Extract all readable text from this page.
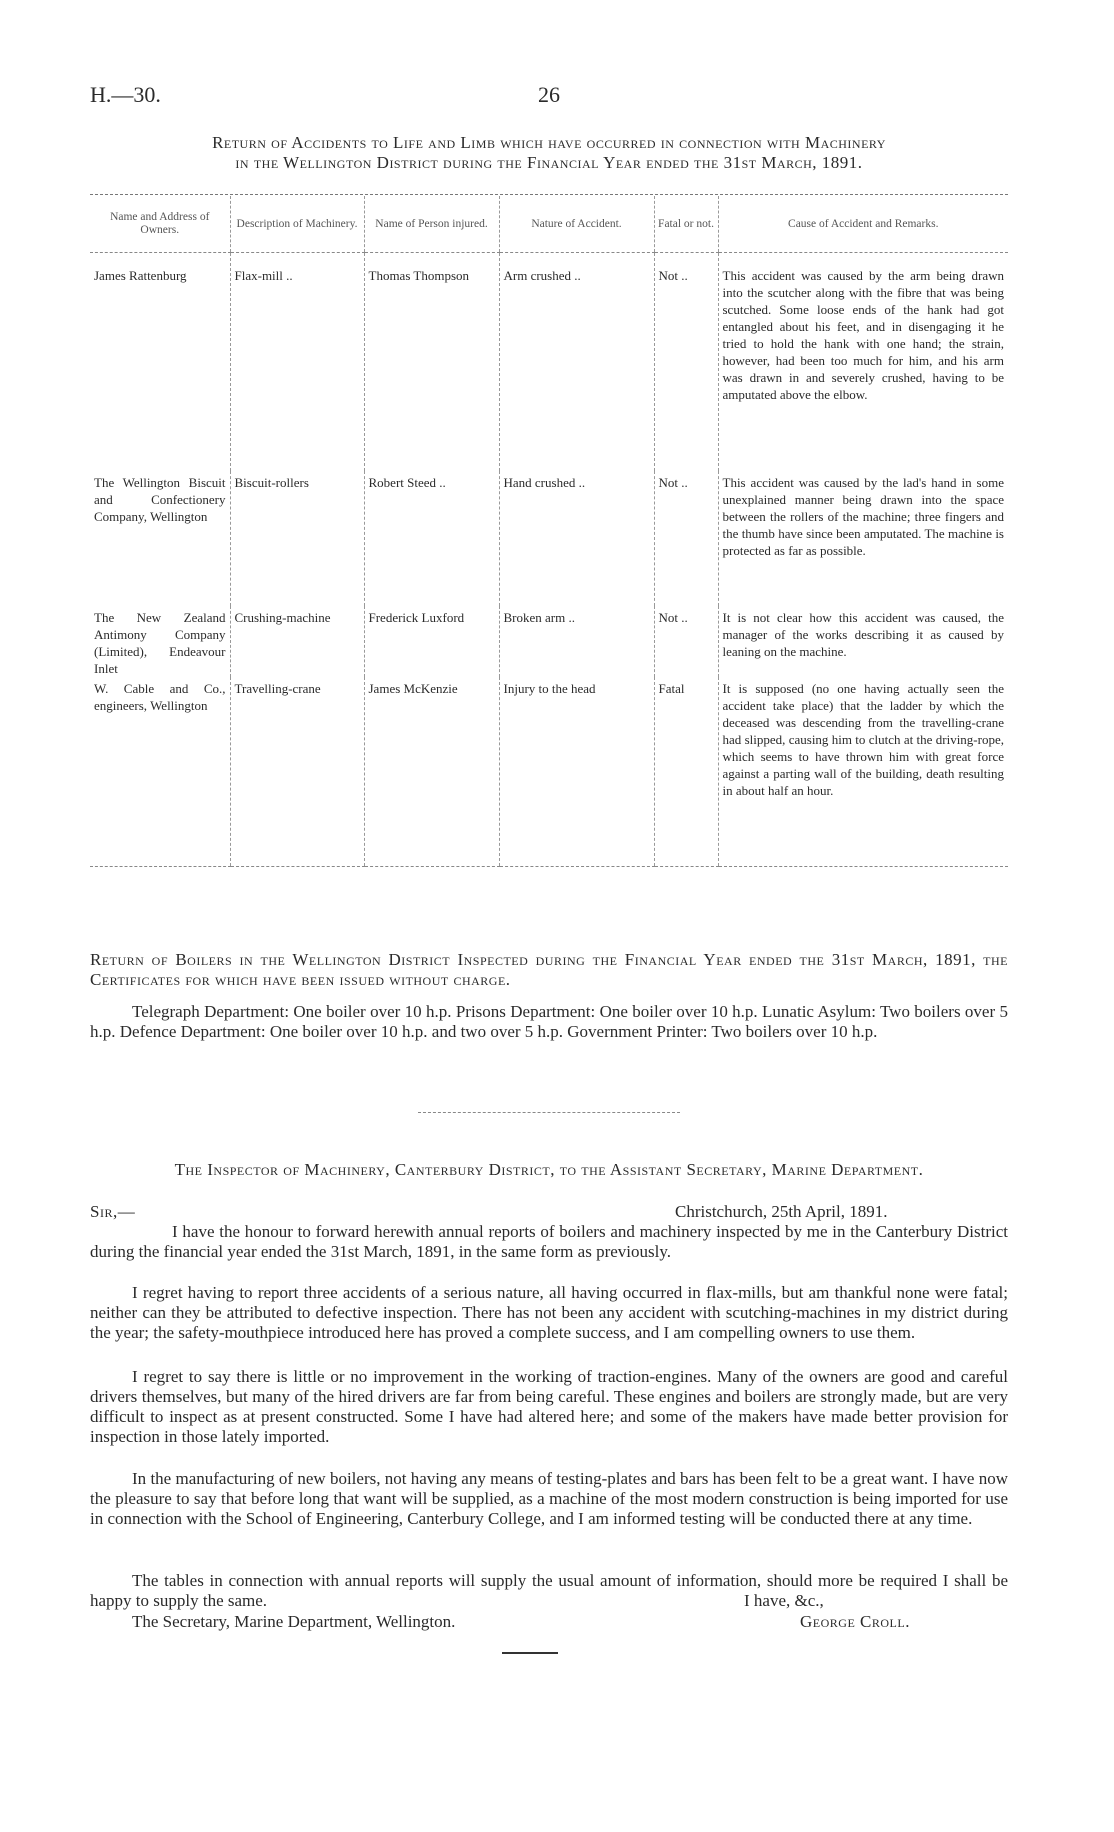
H.—30.	26
Return of Accidents to Life and Limb which have occurred in connection with Machinery
in the Wellington District during the Financial Year ended the 31st March, 1891.
Name and Address of Owners.	Description of Machinery.	Name of Person injured.	Nature of Accident.	Fatal or not.	Cause of Accident and Remarks.
James Rattenburg	Flax-mill ..	Thomas Thompson	Arm crushed ..	Not ..	This accident was caused by the arm being drawn into the scutcher along with the fibre that was being scutched. Some loose ends of the hank had got entangled about his feet, and in disengaging it he tried to hold the hank with one hand; the strain, however, had been too much for him, and his arm was drawn in and severely crushed, having to be amputated above the elbow.
The Wellington Biscuit and Confectionery Company, Wellington	Biscuit-rollers	Robert Steed ..	Hand crushed ..	Not ..	This accident was caused by the lad's hand in some unexplained manner being drawn into the space between the rollers of the machine; three fingers and the thumb have since been amputated. The machine is protected as far as possible.
The New Zealand Antimony Company (Limited), Endeavour Inlet	Crushing-machine	Frederick Luxford	Broken arm ..	Not ..	It is not clear how this accident was caused, the manager of the works describing it as caused by leaning on the machine.
W. Cable and Co., engineers, Wellington	Travelling-crane	James McKenzie	Injury to the head	Fatal	It is supposed (no one having actually seen the accident take place) that the ladder by which the deceased was descending from the travelling-crane had slipped, causing him to clutch at the driving-rope, which seems to have thrown him with great force against a parting wall of the building, death resulting in about half an hour.
Return of Boilers in the Wellington District Inspected during the Financial Year ended the 31st March, 1891, the Certificates for which have been issued without charge.
Telegraph Department: One boiler over 10 h.p. Prisons Department: One boiler over 10 h.p. Lunatic Asylum: Two boilers over 5 h.p. Defence Department: One boiler over 10 h.p. and two over 5 h.p. Government Printer: Two boilers over 10 h.p.
The Inspector of Machinery, Canterbury District, to the Assistant Secretary, Marine Department.
Sir,—	Christchurch, 25th April, 1891.
I have the honour to forward herewith annual reports of boilers and machinery inspected by me in the Canterbury District during the financial year ended the 31st March, 1891, in the same form as previously.
I regret having to report three accidents of a serious nature, all having occurred in flax-mills, but am thankful none were fatal; neither can they be attributed to defective inspection. There has not been any accident with scutching-machines in my district during the year; the safety-mouthpiece introduced here has proved a complete success, and I am compelling owners to use them.
I regret to say there is little or no improvement in the working of traction-engines. Many of the owners are good and careful drivers themselves, but many of the hired drivers are far from being careful. These engines and boilers are strongly made, but are very difficult to inspect as at present constructed. Some I have had altered here; and some of the makers have made better provision for inspection in those lately imported.
In the manufacturing of new boilers, not having any means of testing-plates and bars has been felt to be a great want. I have now the pleasure to say that before long that want will be supplied, as a machine of the most modern construction is being imported for use in connection with the School of Engineering, Canterbury College, and I am informed testing will be conducted there at any time.
The tables in connection with annual reports will supply the usual amount of information, should more be required I shall be happy to supply the same.	I have, &c.,
The Secretary, Marine Department, Wellington.	George Croll.
